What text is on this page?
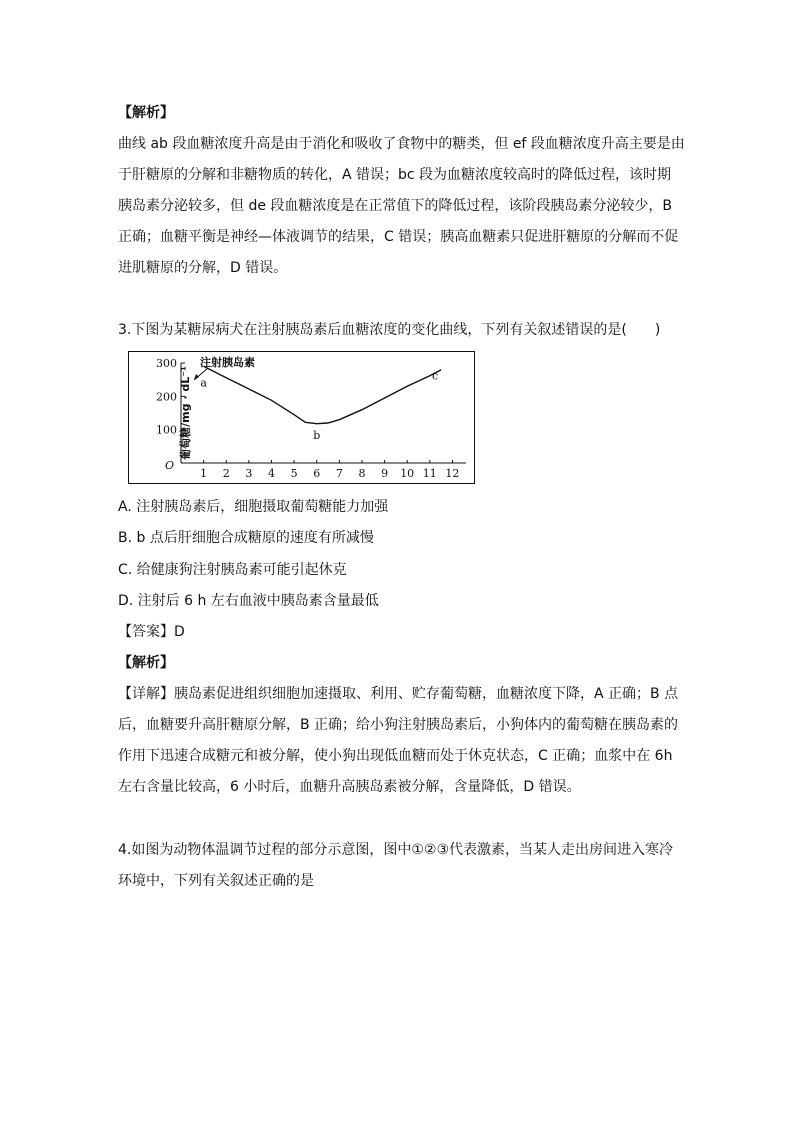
【解析】
曲线 ab 段血糖浓度升高是由于消化和吸收了食物中的糖类，但 ef 段血糖浓度升高主要是由
于肝糖原的分解和非糖物质的转化，A 错误；bc 段为血糖浓度较高时的降低过程，该时期
胰岛素分泌较多，但 de 段血糖浓度是在正常值下的降低过程，该阶段胰岛素分泌较少，B
正确；血糖平衡是神经—体液调节的结果，C 错误；胰高血糖素只促进肝糖原的分解而不促
进肌糖原的分解，D 错误。
3.下图为某糖尿病犬在注射胰岛素后血糖浓度的变化曲线，下列有关叙述错误的是(　　)
葡萄糖/mg · dL⁻¹
O
注射胰岛素
1 2 3 4 5 6 7 8 9 10 11 12
300
200
100
a
b
c
A. 注射胰岛素后，细胞摄取葡萄糖能力加强
B. b 点后肝细胞合成糖原的速度有所减慢
C. 给健康狗注射胰岛素可能引起休克
D. 注射后 6 h 左右血液中胰岛素含量最低
【答案】D
【解析】
【详解】胰岛素促进组织细胞加速摄取、利用、贮存葡萄糖，血糖浓度下降，A 正确；B 点
后，血糖要升高肝糖原分解，B 正确；给小狗注射胰岛素后，小狗体内的葡萄糖在胰岛素的
作用下迅速合成糖元和被分解，使小狗出现低血糖而处于休克状态，C 正确；血浆中在 6h
左右含量比较高，6 小时后，血糖升高胰岛素被分解，含量降低，D 错误。
4.如图为动物体温调节过程的部分示意图，图中①②③代表激素，当某人走出房间进入寒冷
环境中，下列有关叙述正确的是
